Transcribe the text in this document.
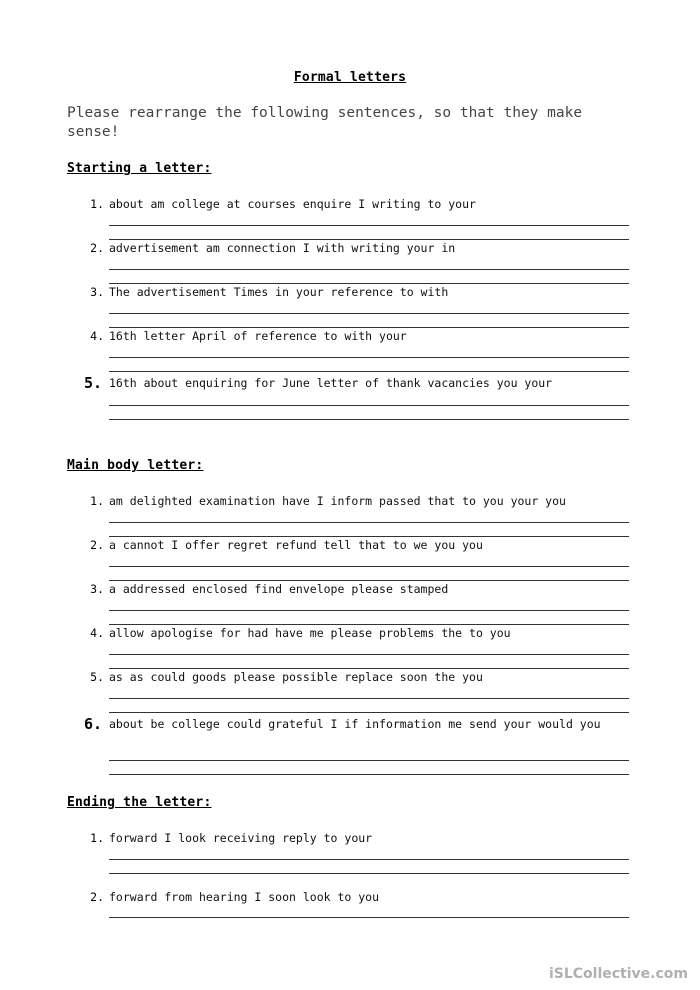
Formal letters
Please rearrange the following sentences, so that they make sense!
Starting a letter:
1. about am college at courses enquire I writing to your
2. advertisement am connection I with writing your in
3. The advertisement Times in your reference to with
4. 16th letter April of reference to with your
5. 16th about enquiring for June letter of thank vacancies you your
Main body letter:
1. am delighted examination have I inform passed that to you your you
2. a cannot I offer regret refund tell that to we you you
3. a addressed enclosed find envelope please stamped
4. allow apologise for had have me please problems the to you
5. as as could goods please possible replace soon the you
6. about be college could grateful I if information me send your would you
Ending the letter:
1. forward I look receiving reply to your
2. forward from hearing I soon look to you
iSLCollective.com
